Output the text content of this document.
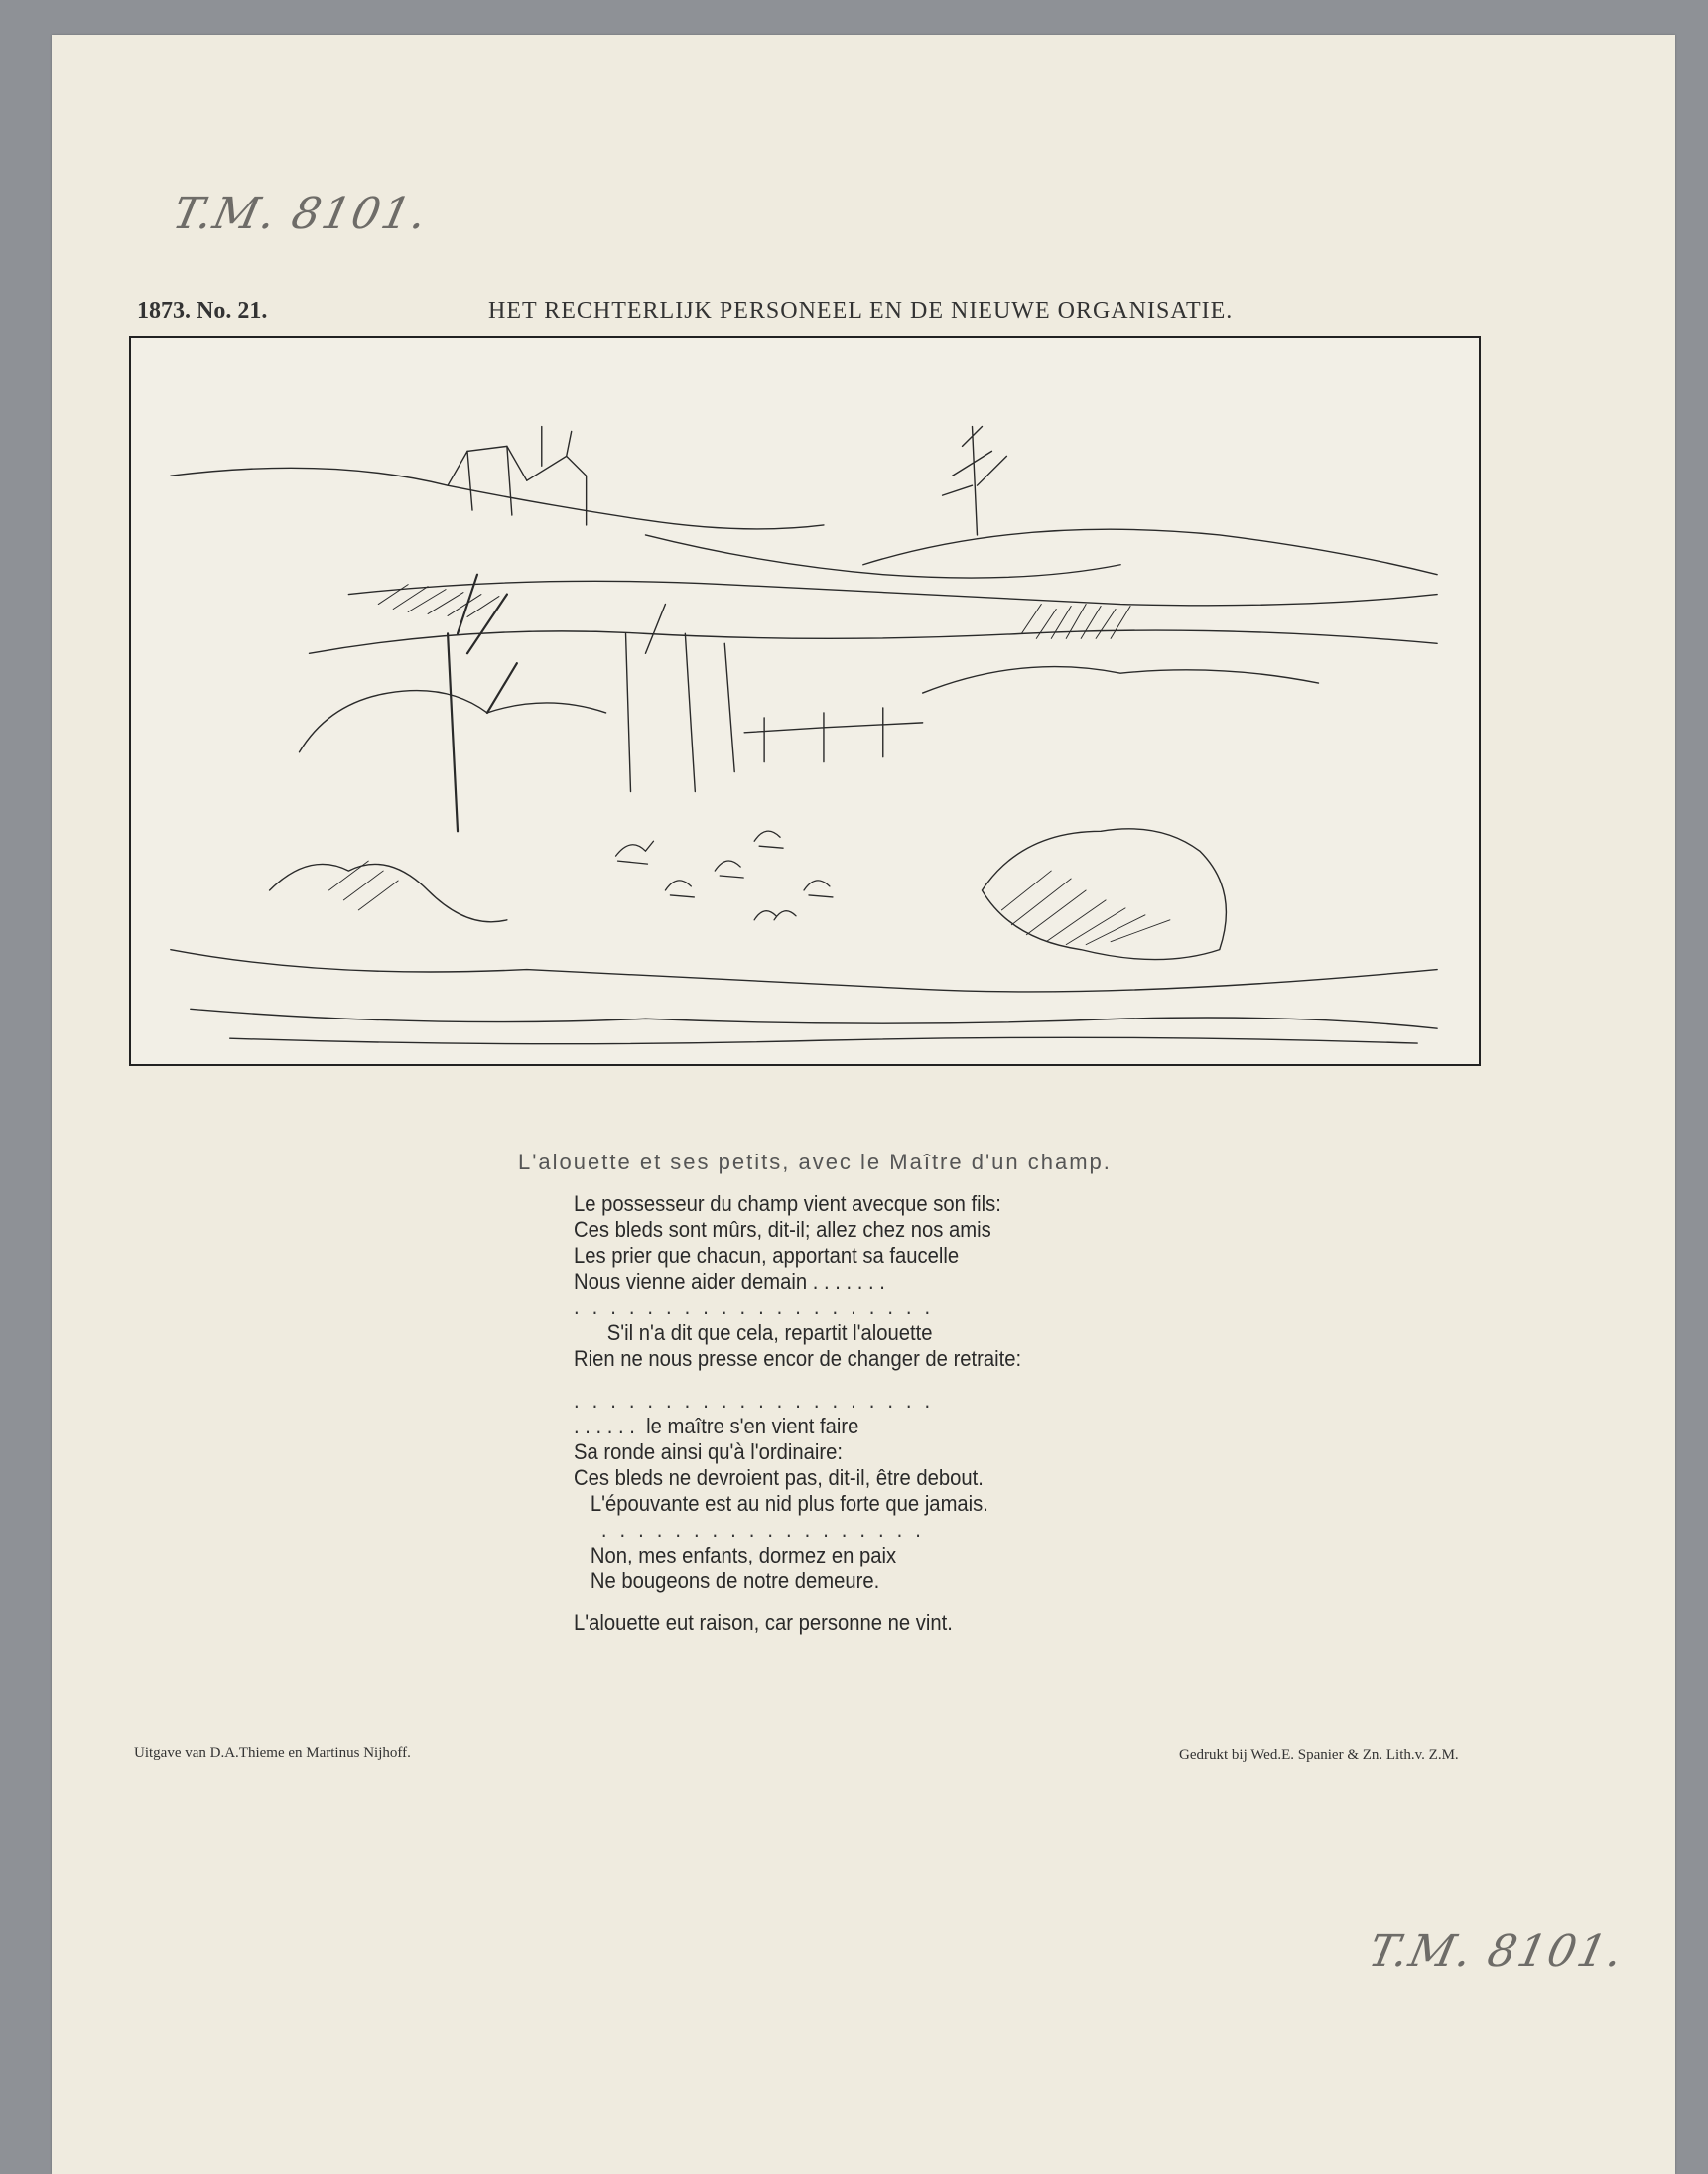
T.M. 8101.
1873. No. 21.	HET RECHTERLIJK PERSONEEL EN DE NIEUWE ORGANISATIE.
L'alouette et ses petits, avec le Maître d'un champ.
Le possesseur du champ vient avecque son fils:
Ces bleds sont mûrs, dit-il; allez chez nos amis
Les prier que chacun, apportant sa faucelle
Nous vienne aider demain . . . . . . .
. . . . . . . . . . . . . . . . . . . .
S'il n'a dit que cela, repartit l'alouette
Rien ne nous presse encor de changer de retraite:
. . . . . . . . . . . . . . . . . . . .
. . . . . .  le maître s'en vient faire
Sa ronde ainsi qu'à l'ordinaire:
Ces bleds ne devroient pas, dit-il, être debout.
L'épouvante est au nid plus forte que jamais.
. . . . . . . . . . . . . . . . . .
Non, mes enfants, dormez en paix
Ne bougeons de notre demeure.
L'alouette eut raison, car personne ne vint.
Uitgave van D.A.Thieme en Martinus Nijhoff.	Gedrukt bij Wed.E. Spanier & Zn. Lith.v. Z.M.
T.M. 8101.
